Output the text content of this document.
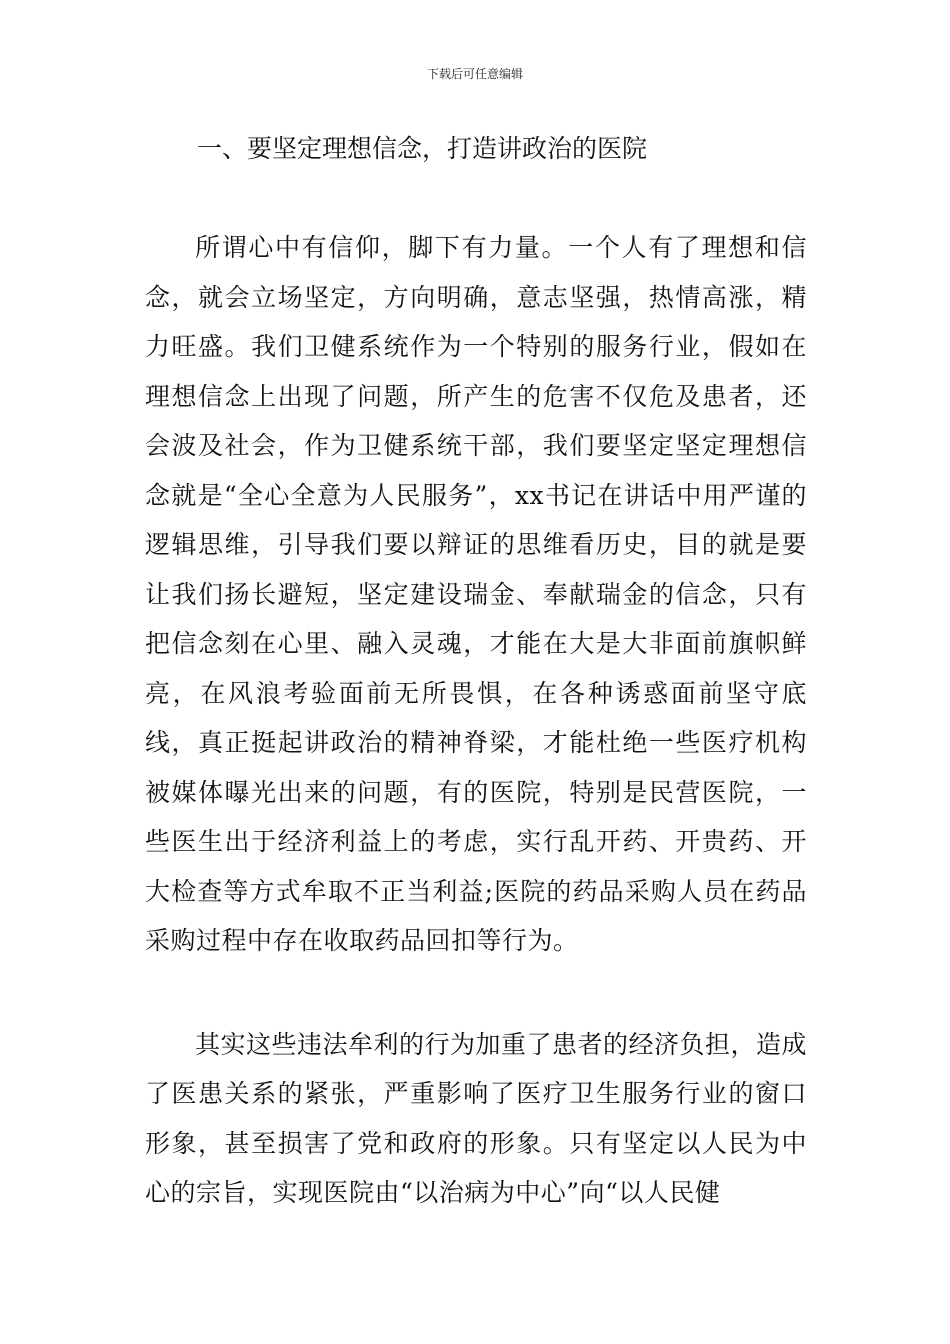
下载后可任意编辑
一、要坚定理想信念，打造讲政治的医院

所谓心中有信仰，脚下有力量。一个人有了理想和信念，就会立场坚定，方向明确，意志坚强，热情高涨，精力旺盛。我们卫健系统作为一个特别的服务行业，假如在理想信念上出现了问题，所产生的危害不仅危及患者，还会波及社会，作为卫健系统干部，我们要坚定坚定理想信念就是“全心全意为人民服务”，xx书记在讲话中用严谨的逻辑思维，引导我们要以辩证的思维看历史，目的就是要让我们扬长避短，坚定建设瑞金、奉献瑞金的信念，只有把信念刻在心里、融入灵魂，才能在大是大非面前旗帜鲜亮，在风浪考验面前无所畏惧，在各种诱惑面前坚守底线，真正挺起讲政治的精神脊梁，才能杜绝一些医疗机构被媒体曝光出来的问题，有的医院，特别是民营医院，一些医生出于经济利益上的考虑，实行乱开药、开贵药、开大检查等方式牟取不正当利益;医院的药品采购人员在药品采购过程中存在收取药品回扣等行为。

其实这些违法牟利的行为加重了患者的经济负担，造成了医患关系的紧张，严重影响了医疗卫生服务行业的窗口形象，甚至损害了党和政府的形象。只有坚定以人民为中心的宗旨，实现医院由“以治病为中心”向“以人民健
